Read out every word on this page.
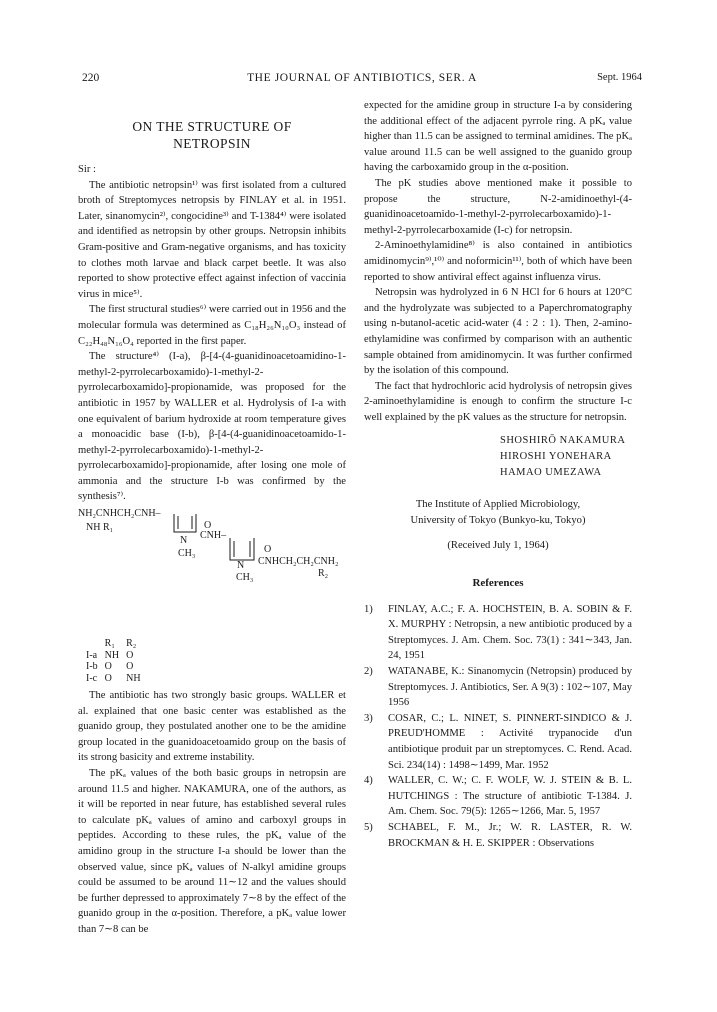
220	THE JOURNAL OF ANTIBIOTICS, SER. A	Sept. 1964
ON THE STRUCTURE OF
NETROPSIN

Sir :

The antibiotic netropsin¹⁾ was first isolated from a cultured broth of Streptomyces netropsis by FINLAY et al. in 1951. Later, sinanomycin²⁾, congocidine³⁾ and T-1384⁴⁾ were isolated and identified as netropsin by other groups. Netropsin inhibits Gram-positive and Gram-negative organisms, and has toxicity to clothes moth larvae and black carpet beetle. It was also reported to show protective effect against infection of vaccinia virus in mice⁵⁾.

The first structural studies⁶⁾ were carried out in 1956 and the molecular formula was determined as C₁₈H₂₆N₁₀O₃ instead of C₂₂H₄₈N₁₆O₄ reported in the first paper.

The structure⁴⁾ (I-a), β-[4-(4-guanidinoacetoamidino-1-methyl-2-pyrrolecarboxamido)-1-methyl-2-pyrrolecarboxamido]-propionamide, was proposed for the antibiotic in 1957 by WALLER et al. Hydrolysis of I-a with one equivalent of barium hydroxide at room temperature gives a monoacidic base (I-b), β-[4-(4-guanidinoacetoamido-1-methyl-2-pyrrolecarboxamido)-1-methyl-2-pyrrolecarboxamido]-propionamide, after losing one mole of ammonia and the structure I-b was confirmed by the synthesis⁷⁾.

NH₂CNHCH₂CNH–
NH R₁	O
CNH–
N
CH₃	O
CNHCH₂CH₂CNH₂
N
R₂
CH₃
	R₁	R₂
I-a	NH	O
I-b	O	O
I-c	O	NH

The antibiotic has two strongly basic groups. WALLER et al. explained that one basic center was established as the guanido group, they postulated another one to be the amidine group located in the guanidoacetoamido group on the basis of its strong basicity and extreme instability.

The pKₐ values of the both basic groups in netropsin are around 11.5 and higher. NAKAMURA, one of the authors, as it will be reported in near future, has established several rules to calculate pKₐ values of amino and carboxyl groups in peptides. According to these rules, the pKₐ value of the amidino group in the structure I-a should be lower than the observed value, since pKₐ values of N-alkyl amidine groups could be assumed to be around 11∼12 and the values should be further depressed to approximately 7∼8 by the effect of the guanido group in the α-position. Therefore, a pKₐ value lower than 7∼8 can be

expected for the amidine group in structure I-a by considering the additional effect of the adjacent pyrrole ring. A pKₐ value higher than 11.5 can be assigned to terminal amidines. The pKₐ value around 11.5 can be well assigned to the guanido group having the carboxamido group in the α-position.

The pK studies above mentioned make it possible to propose the structure, N-2-amidinoethyl-(4-guanidinoacetoamido-1-methyl-2-pyrrolecarboxamido)-1-methyl-2-pyrrolecarboxamide (I-c) for netropsin.

2-Aminoethylamidine⁸⁾ is also contained in antibiotics amidinomycin⁹⁾,¹⁰⁾ and noformicin¹¹⁾, both of which have been reported to show antiviral effect against influenza virus.

Netropsin was hydrolyzed in 6 N HCl for 6 hours at 120°C and the hydrolyzate was subjected to a Paperchromatography using n-butanol-acetic acid-water (4 : 2 : 1). Then, 2-amino-ethylamidine was confirmed by comparison with an authentic sample obtained from amidinomycin. It was further confirmed by the isolation of this compound.

The fact that hydrochloric acid hydrolysis of netropsin gives 2-aminoethylamidine is enough to confirm the structure I-c well explained by the pK values as the structure for netropsin.

SHOSHIRŌ NAKAMURA
HIROSHI YONEHARA
HAMAO UMEZAWA
The Institute of Applied Microbiology,
University of Tokyo (Bunkyo-ku, Tokyo)
(Received July 1, 1964)
References
1) FINLAY, A.C.; F. A. HOCHSTEIN, B. A. SOBIN & F. X. MURPHY : Netropsin, a new antibiotic produced by a Streptomyces. J. Am. Chem. Soc. 73(1) : 341∼343, Jan. 24, 1951
2) WATANABE, K.: Sinanomycin (Netropsin) produced by Streptomyces. J. Antibiotics, Ser. A 9(3) : 102∼107, May 1956
3) COSAR, C.; L. NINET, S. PINNERT-SINDICO & J. PREUD'HOMME : Activité trypanocide d'un antibiotique produit par un streptomyces. C. Rend. Acad. Sci. 234(14) : 1498∼1499, Mar. 1952
4) WALLER, C. W.; C. F. WOLF, W. J. STEIN & B. L. HUTCHINGS : The structure of antibiotic T-1384. J. Am. Chem. Soc. 79(5): 1265∼1266, Mar. 5, 1957
5) SCHABEL, F. M., Jr.; W. R. LASTER, R. W. BROCKMAN & H. E. SKIPPER : Observations
